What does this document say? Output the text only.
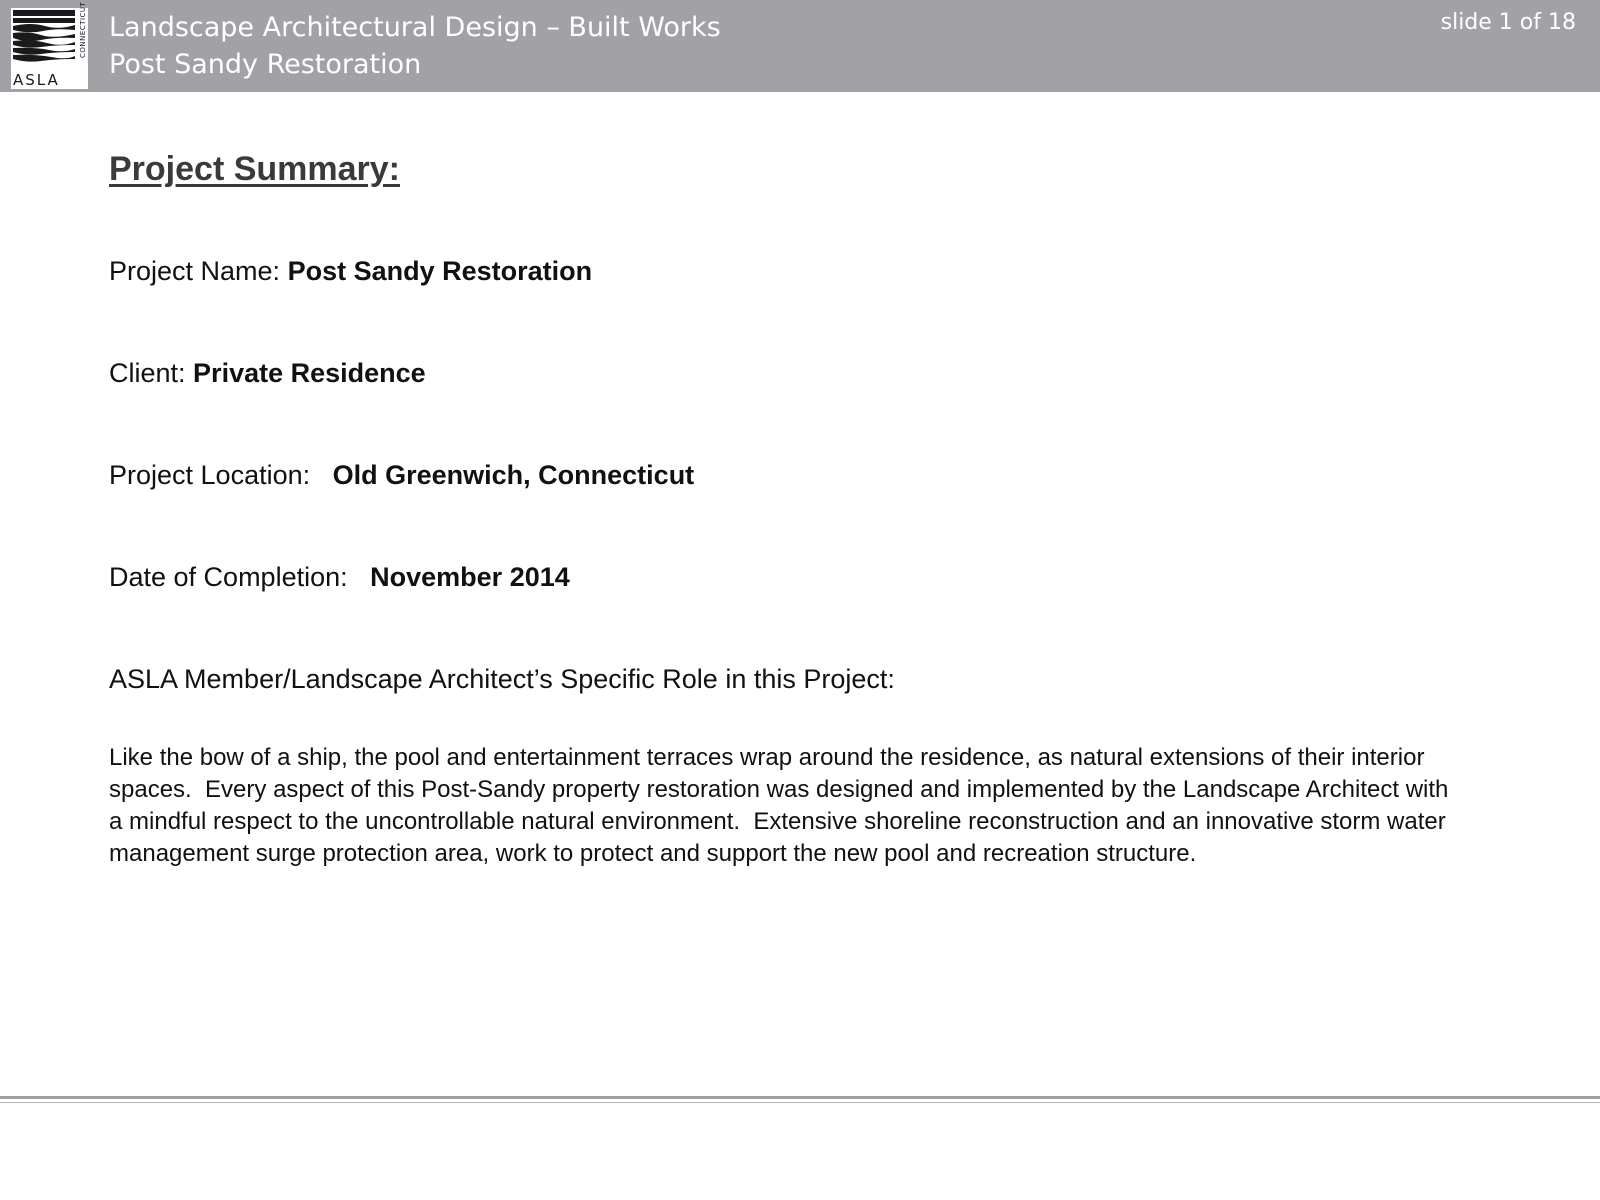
ASLA
CONNECTICUT Landscape Architectural Design – Built Works
Post Sandy Restoration
slide 1 of 18
Project Summary:
Project Name: Post Sandy Restoration
Client: Private Residence
Project Location:   Old Greenwich, Connecticut
Date of Completion:   November 2014
ASLA Member/Landscape Architect’s Specific Role in this Project:
Like the bow of a ship, the pool and entertainment terraces wrap around the residence, as natural extensions of their interior spaces.  Every aspect of this Post-Sandy property restoration was designed and implemented by the Landscape Architect with a mindful respect to the uncontrollable natural environment.  Extensive shoreline reconstruction and an innovative storm water management surge protection area, work to protect and support the new pool and recreation structure.
